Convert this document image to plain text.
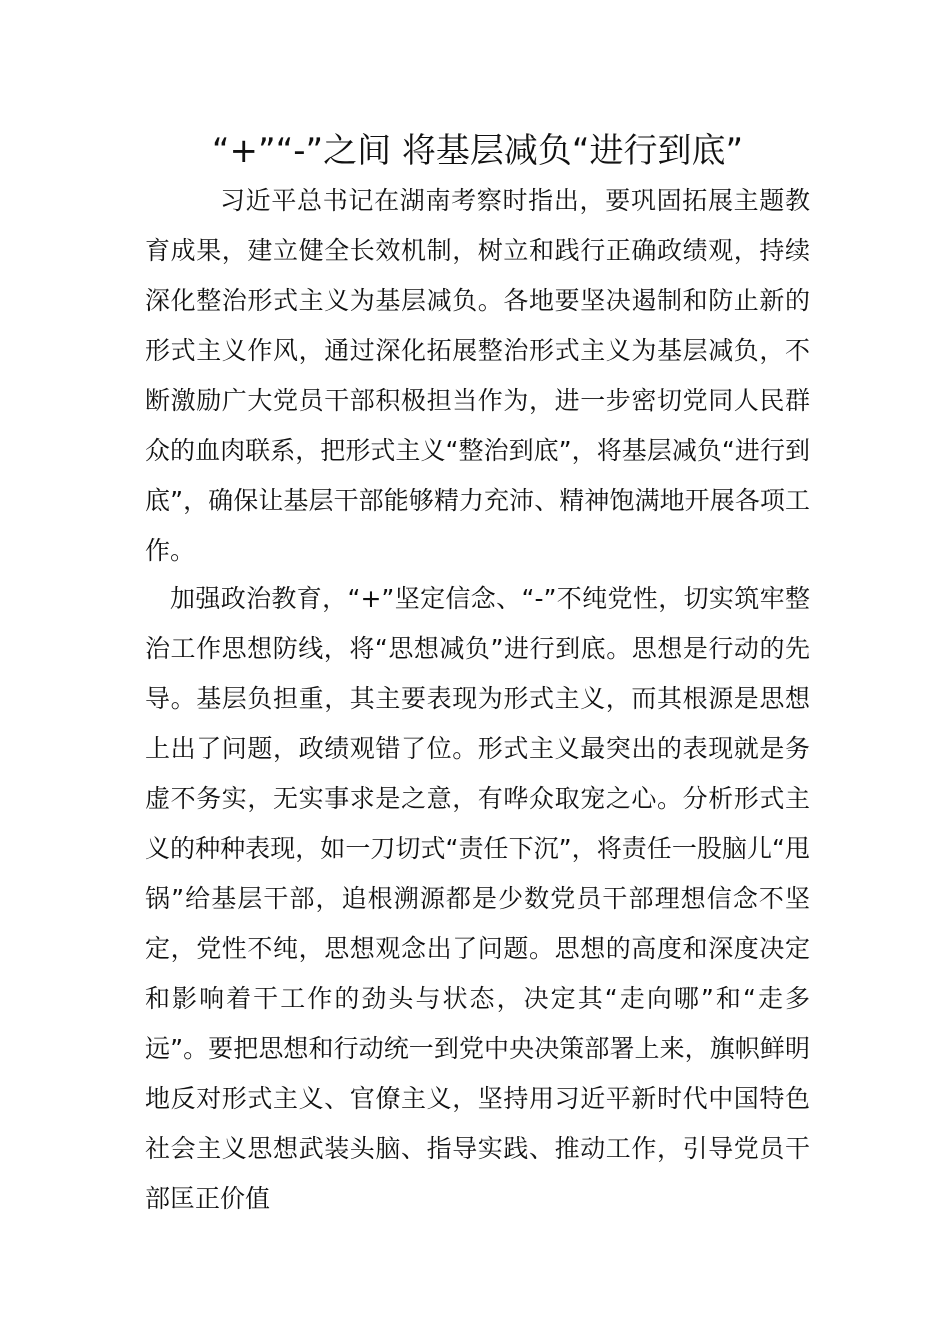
“+”“-”之间 将基层减负“进行到底”
习近平总书记在湖南考察时指出，要巩固拓展主题教育成果，建立健全长效机制，树立和践行正确政绩观，持续深化整治形式主义为基层减负。各地要坚决遏制和防止新的形式主义作风，通过深化拓展整治形式主义为基层减负，不断激励广大党员干部积极担当作为，进一步密切党同人民群众的血肉联系，把形式主义“整治到底”，将基层减负“进行到底”，确保让基层干部能够精力充沛、精神饱满地开展各项工作。
加强政治教育，“+”坚定信念、“-”不纯党性，切实筑牢整治工作思想防线，将“思想减负”进行到底。思想是行动的先导。基层负担重，其主要表现为形式主义，而其根源是思想上出了问题，政绩观错了位。形式主义最突出的表现就是务虚不务实，无实事求是之意，有哗众取宠之心。分析形式主义的种种表现，如一刀切式“责任下沉”，将责任一股脑儿“甩锅”给基层干部，追根溯源都是少数党员干部理想信念不坚定，党性不纯，思想观念出了问题。思想的高度和深度决定和影响着干工作的劲头与状态，决定其“走向哪”和“走多远”。要把思想和行动统一到党中央决策部署上来，旗帜鲜明地反对形式主义、官僚主义，坚持用习近平新时代中国特色社会主义思想武装头脑、指导实践、推动工作，引导党员干部匡正价值
